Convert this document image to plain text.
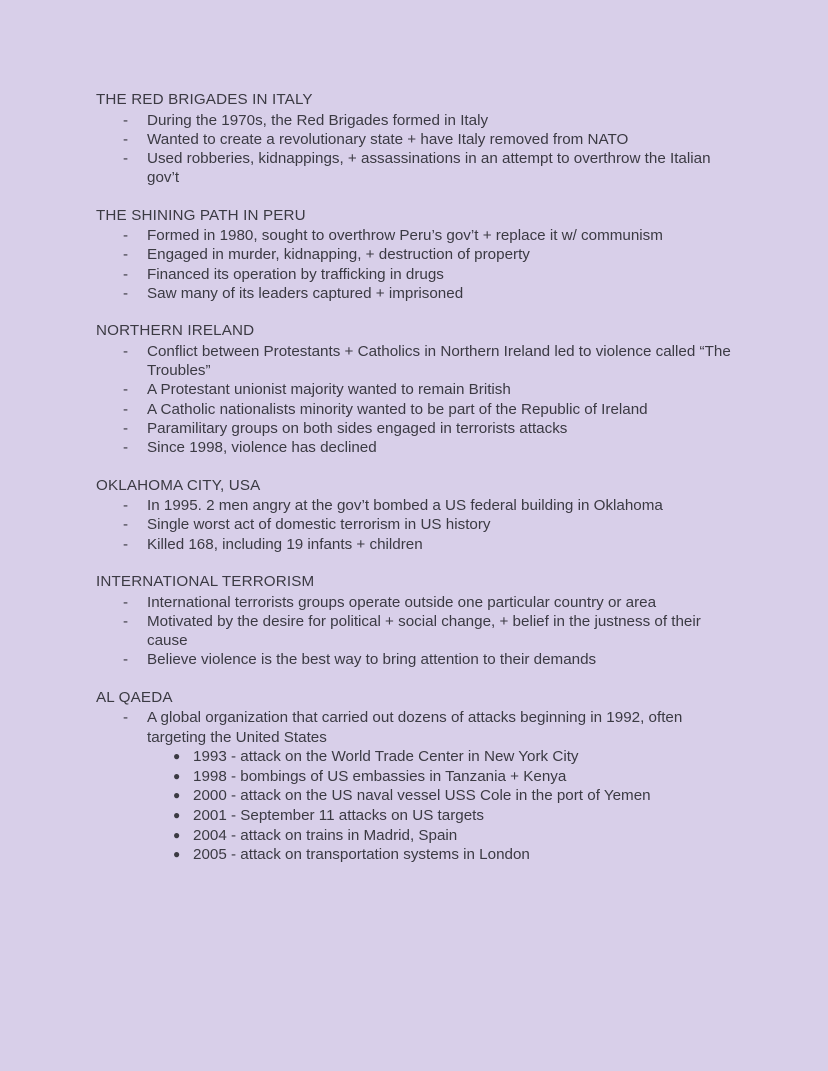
THE RED BRIGADES IN ITALY
-	During the 1970s, the Red Brigades formed in Italy
-	Wanted to create a revolutionary state + have Italy removed from NATO
-	Used robberies, kidnappings, + assassinations in an attempt to overthrow the Italian gov’t
THE SHINING PATH IN PERU
-	Formed in 1980, sought to overthrow Peru’s gov’t + replace it w/ communism
-	Engaged in murder, kidnapping, + destruction of property
-	Financed its operation by trafficking in drugs
-	Saw many of its leaders captured + imprisoned
NORTHERN IRELAND
-	Conflict between Protestants + Catholics in Northern Ireland led to violence called “The Troubles”
-	A Protestant unionist majority wanted to remain British
-	A Catholic nationalists minority wanted to be part of the Republic of Ireland
-	Paramilitary groups on both sides engaged in terrorists attacks
-	Since 1998, violence has declined
OKLAHOMA CITY, USA
-	In 1995. 2 men angry at the gov’t bombed a US federal building in Oklahoma
-	Single worst act of domestic terrorism in US history
-	Killed 168, including 19 infants + children
INTERNATIONAL TERRORISM
-	International terrorists groups operate outside one particular country or area
-	Motivated by the desire for political + social change, + belief in the justness of their cause
-	Believe violence is the best way to bring attention to their demands
AL QAEDA
-	A global organization that carried out dozens of attacks beginning in 1992, often targeting the United States
● 1993 - attack on the World Trade Center in New York City
● 1998 - bombings of US embassies in Tanzania + Kenya
● 2000 - attack on the US naval vessel USS Cole in the port of Yemen
● 2001 - September 11 attacks on US targets
● 2004 - attack on trains in Madrid, Spain
● 2005 - attack on transportation systems in London
